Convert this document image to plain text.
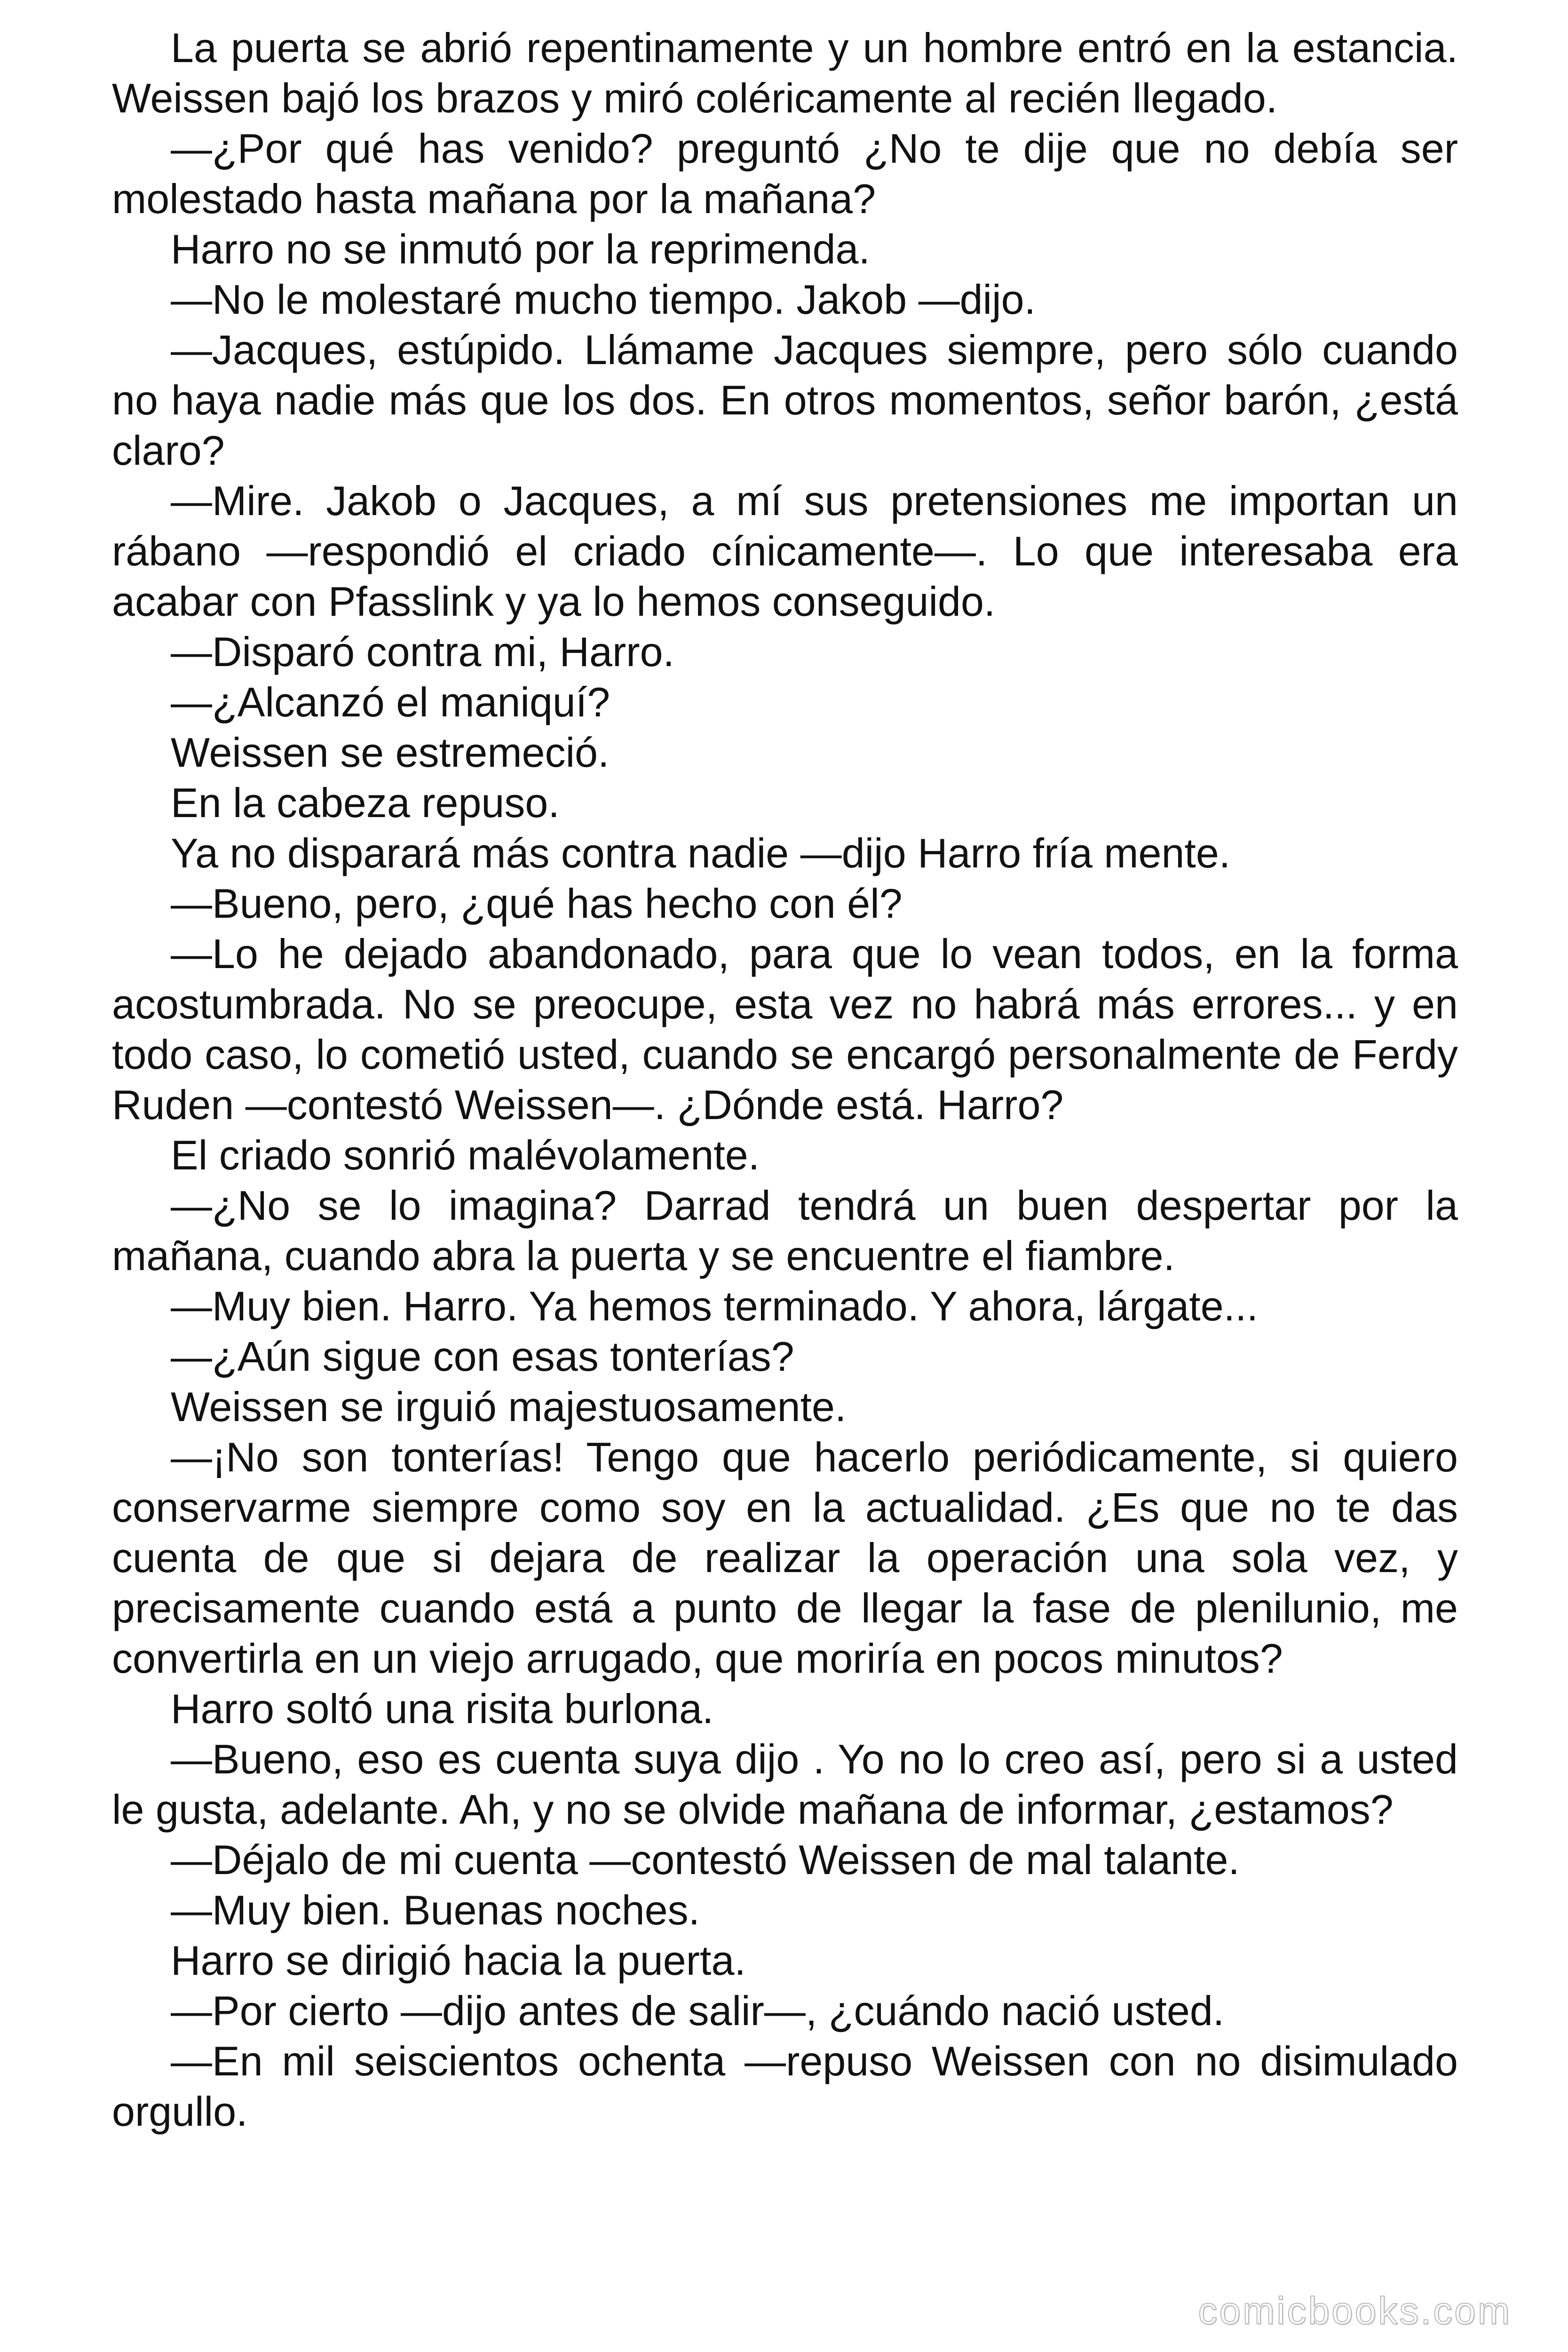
La puerta se abrió repentinamente y un hombre entró en la estancia. Weissen bajó los brazos y miró coléricamente al recién llegado.

—¿Por qué has venido? preguntó ¿No te dije que no debía ser molestado hasta mañana por la mañana?

Harro no se inmutó por la reprimenda.

—No le molestaré mucho tiempo. Jakob —dijo.

—Jacques, estúpido. Llámame Jacques siempre, pero sólo cuando no haya nadie más que los dos. En otros momentos, señor barón, ¿está claro?

—Mire. Jakob o Jacques, a mí sus pretensiones me importan un rábano —respondió el criado cínicamente—. Lo que interesaba era acabar con Pfasslink y ya lo hemos conseguido.

—Disparó contra mi, Harro.

—¿Alcanzó el maniquí?

Weissen se estremeció.

En la cabeza repuso.

Ya no disparará más contra nadie —dijo Harro fría mente.

—Bueno, pero, ¿qué has hecho con él?

—Lo he dejado abandonado, para que lo vean todos, en la forma acostumbrada. No se preocupe, esta vez no habrá más errores... y en todo caso, lo cometió usted, cuando se encargó personalmente de Ferdy Ruden —contestó Weissen—. ¿Dónde está. Harro?

El criado sonrió malévolamente.

—¿No se lo imagina? Darrad tendrá un buen despertar por la mañana, cuando abra la puerta y se encuentre el fiambre.

—Muy bien. Harro. Ya hemos terminado. Y ahora, lárgate...

—¿Aún sigue con esas tonterías?

Weissen se irguió majestuosamente.

—¡No son tonterías! Tengo que hacerlo periódicamente, si quiero conservarme siempre como soy en la actualidad. ¿Es que no te das cuenta de que si dejara de realizar la operación una sola vez, y precisamente cuando está a punto de llegar la fase de plenilunio, me convertirla en un viejo arrugado, que moriría en pocos minutos?

Harro soltó una risita burlona.

—Bueno, eso es cuenta suya dijo . Yo no lo creo así, pero si a usted le gusta, adelante. Ah, y no se olvide mañana de informar, ¿estamos?

—Déjalo de mi cuenta —contestó Weissen de mal talante.

—Muy bien. Buenas noches.

Harro se dirigió hacia la puerta.

—Por cierto —dijo antes de salir—, ¿cuándo nació usted.

—En mil seiscientos ochenta —repuso Weissen con no disimulado orgullo.

comicbooks.com
